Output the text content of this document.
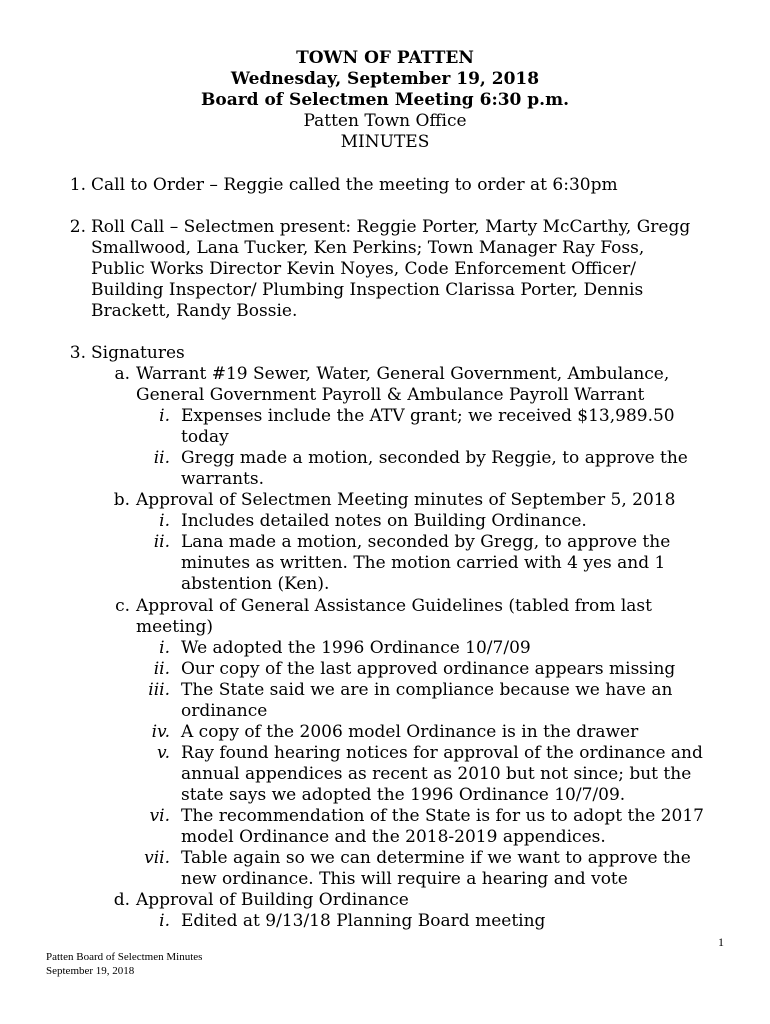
TOWN OF PATTEN
Wednesday, September 19, 2018
Board of Selectmen Meeting 6:30 p.m.
Patten Town Office
MINUTES
1. Call to Order – Reggie called the meeting to order at 6:30pm
2. Roll Call – Selectmen present: Reggie Porter, Marty McCarthy, Gregg
Smallwood, Lana Tucker, Ken Perkins; Town Manager Ray Foss,
Public Works Director Kevin Noyes, Code Enforcement Officer/
Building Inspector/ Plumbing Inspection Clarissa Porter, Dennis
Brackett, Randy Bossie.
3. Signatures
a. Warrant #19 Sewer, Water, General Government, Ambulance,
General Government Payroll & Ambulance Payroll Warrant
i. Expenses include the ATV grant; we received $13,989.50
today
ii. Gregg made a motion, seconded by Reggie, to approve the
warrants.
b. Approval of Selectmen Meeting minutes of September 5, 2018
i. Includes detailed notes on Building Ordinance.
ii. Lana made a motion, seconded by Gregg, to approve the
minutes as written. The motion carried with 4 yes and 1
abstention (Ken).
c. Approval of General Assistance Guidelines (tabled from last
meeting)
i. We adopted the 1996 Ordinance 10/7/09
ii. Our copy of the last approved ordinance appears missing
iii. The State said we are in compliance because we have an
ordinance
iv. A copy of the 2006 model Ordinance is in the drawer
v. Ray found hearing notices for approval of the ordinance and
annual appendices as recent as 2010 but not since; but the
state says we adopted the 1996 Ordinance 10/7/09.
vi. The recommendation of the State is for us to adopt the 2017
model Ordinance and the 2018-2019 appendices.
vii. Table again so we can determine if we want to approve the
new ordinance. This will require a hearing and vote
d. Approval of Building Ordinance
i. Edited at 9/13/18 Planning Board meeting
1
Patten Board of Selectmen Minutes
September 19, 2018
